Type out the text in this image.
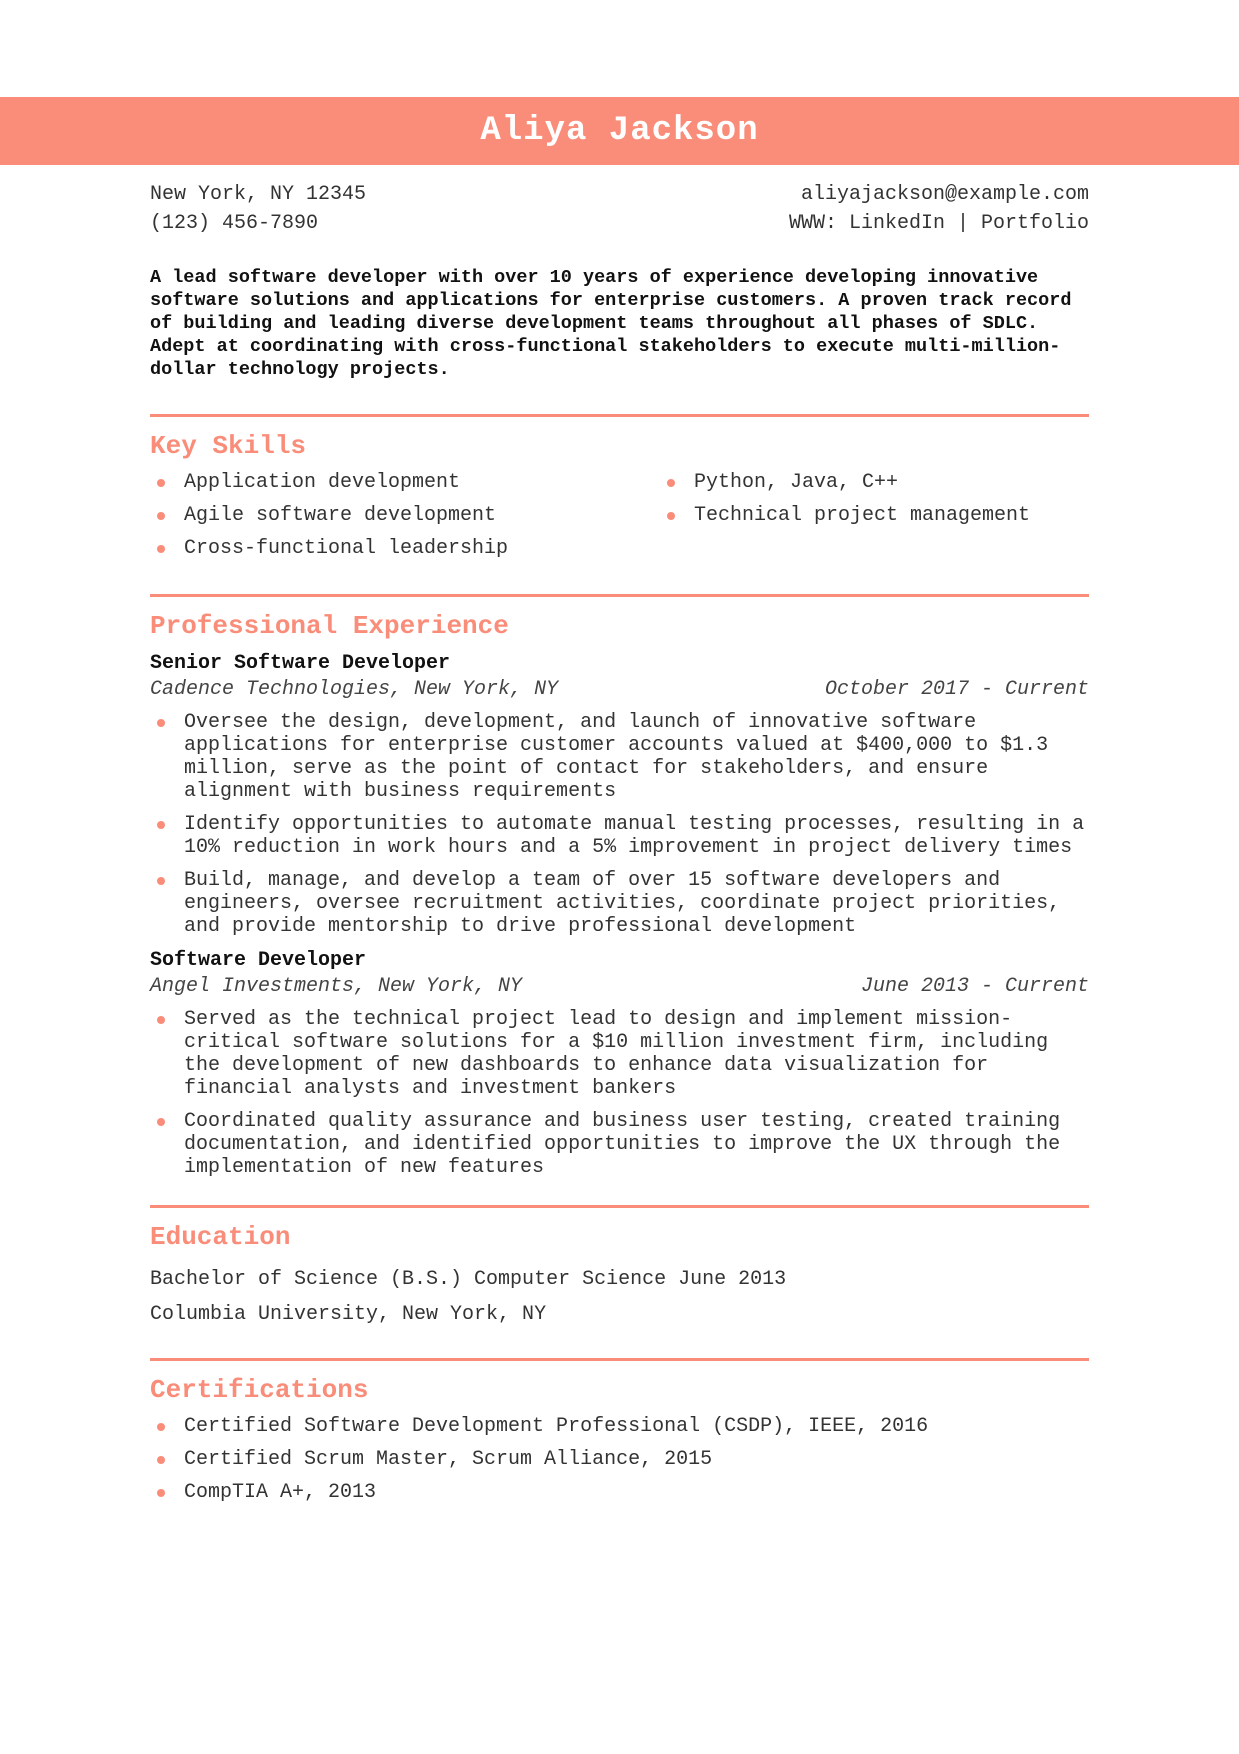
Aliya Jackson
New York, NY 12345
(123) 456-7890
aliyajackson@example.com
WWW: LinkedIn | Portfolio
A lead software developer with over 10 years of experience developing innovative software solutions and applications for enterprise customers. A proven track record of building and leading diverse development teams throughout all phases of SDLC. Adept at coordinating with cross-functional stakeholders to execute multi-million-dollar technology projects.
Key Skills
Application development
Agile software development
Cross-functional leadership
Python, Java, C++
Technical project management
Professional Experience
Senior Software Developer
Cadence Technologies, New York, NY	October 2017 - Current
Oversee the design, development, and launch of innovative software applications for enterprise customer accounts valued at $400,000 to $1.3 million, serve as the point of contact for stakeholders, and ensure alignment with business requirements
Identify opportunities to automate manual testing processes, resulting in a 10% reduction in work hours and a 5% improvement in project delivery times
Build, manage, and develop a team of over 15 software developers and engineers, oversee recruitment activities, coordinate project priorities, and provide mentorship to drive professional development
Software Developer
Angel Investments, New York, NY	June 2013 - Current
Served as the technical project lead to design and implement mission-critical software solutions for a $10 million investment firm, including the development of new dashboards to enhance data visualization for financial analysts and investment bankers
Coordinated quality assurance and business user testing, created training documentation, and identified opportunities to improve the UX through the implementation of new features
Education
Bachelor of Science (B.S.) Computer Science June 2013
Columbia University, New York, NY
Certifications
Certified Software Development Professional (CSDP), IEEE, 2016
Certified Scrum Master, Scrum Alliance, 2015
CompTIA A+, 2013
